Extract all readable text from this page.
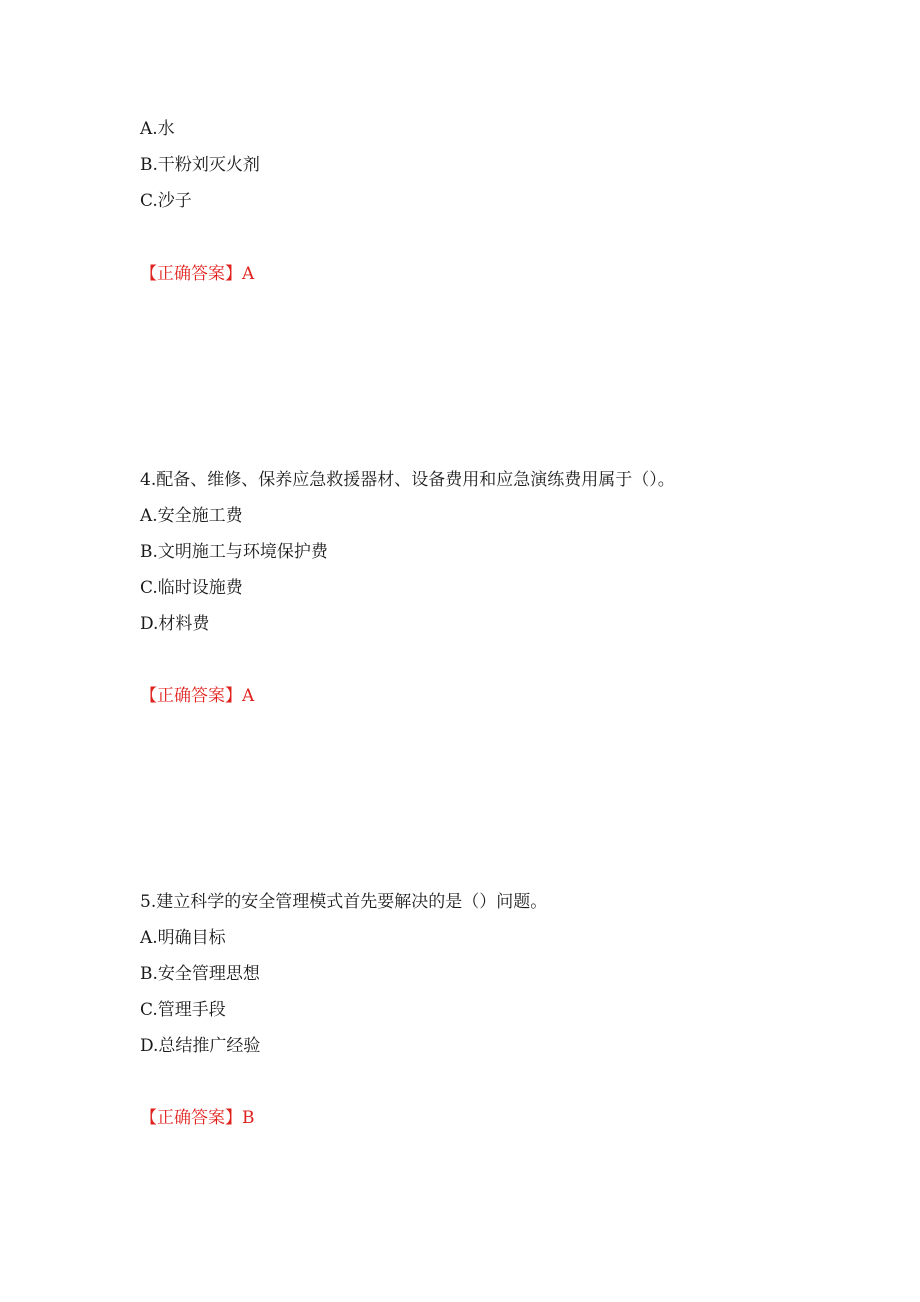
A.水
B.干粉刘灭火剂
C.沙子
【正确答案】A
4.配备、维修、保养应急救援器材、设备费用和应急演练费用属于（）。
A.安全施工费
B.文明施工与环境保护费
C.临时设施费
D.材料费
【正确答案】A
5.建立科学的安全管理模式首先要解决的是（）问题。
A.明确目标
B.安全管理思想
C.管理手段
D.总结推广经验
【正确答案】B
